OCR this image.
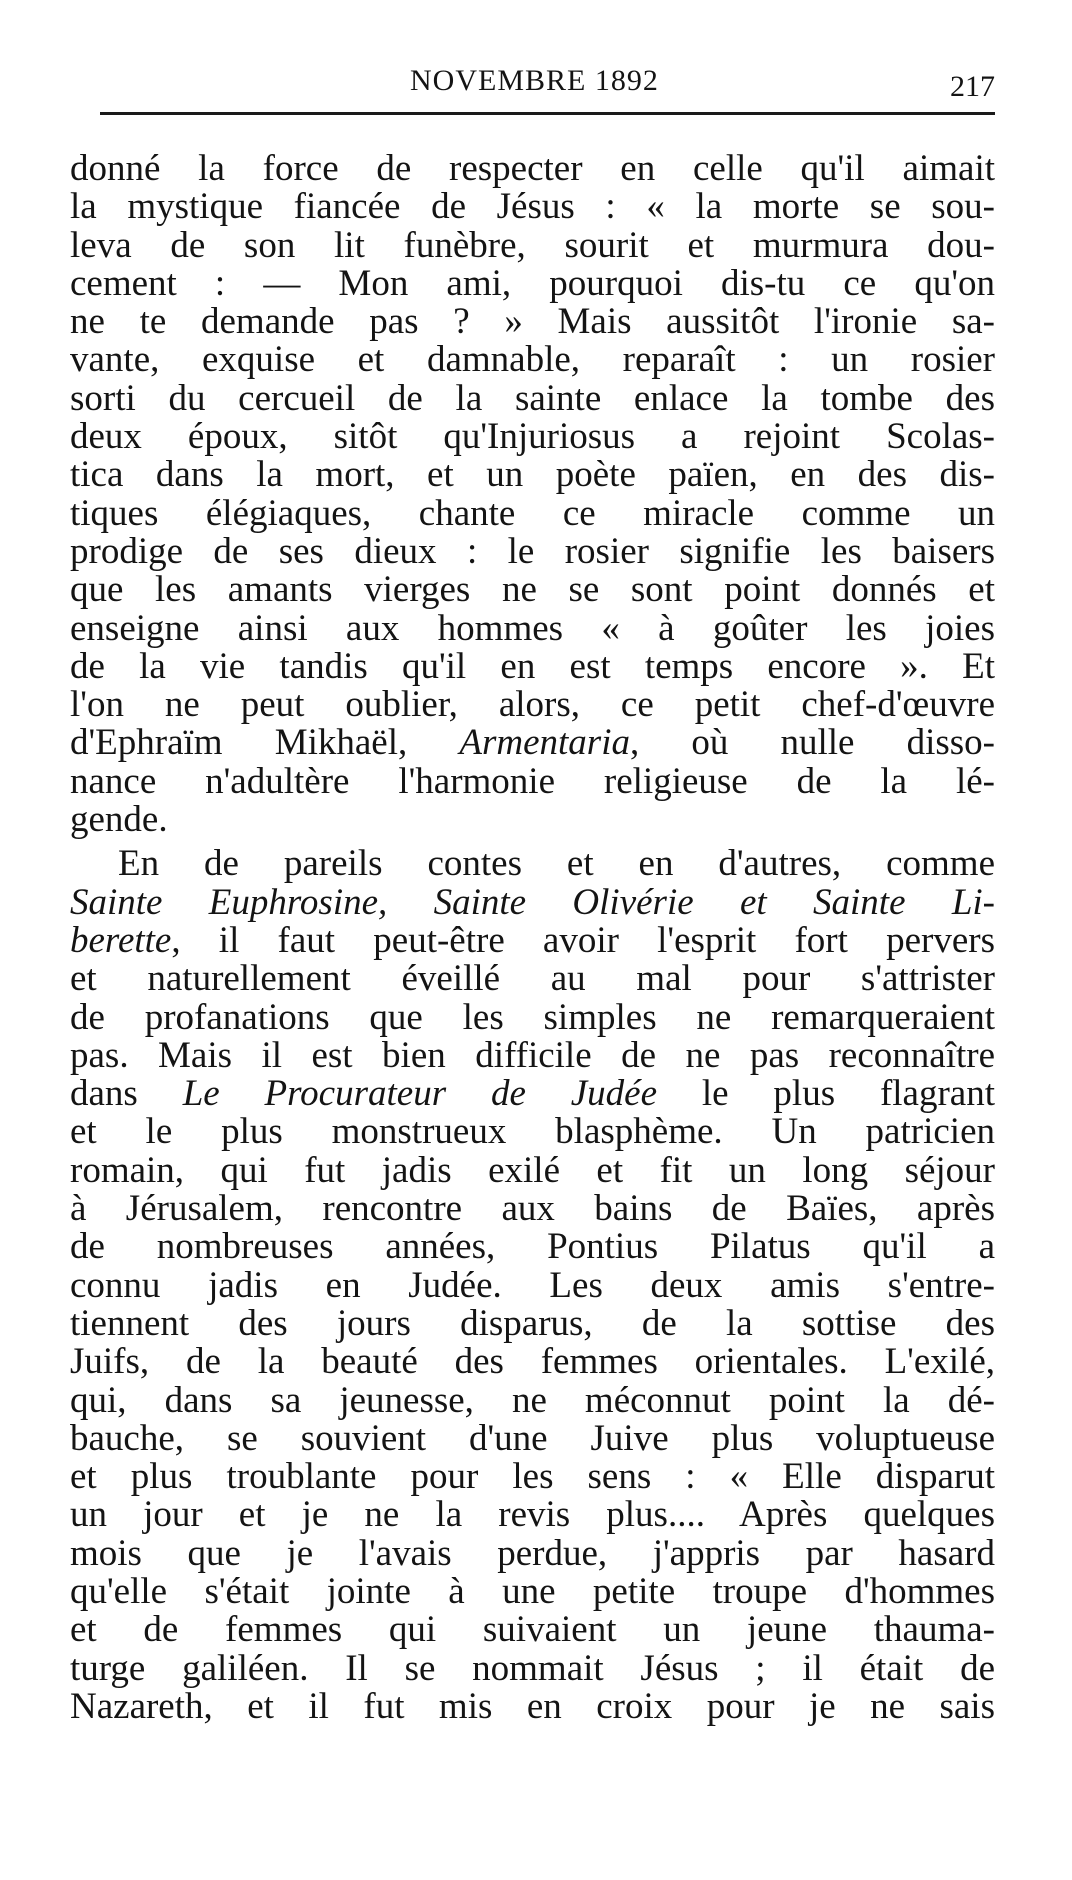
NOVEMBRE 1892	217
donné la force de respecter en celle qu'il aimait
la mystique fiancée de Jésus : « la morte se sou-
leva de son lit funèbre, sourit et murmura dou-
cement : — Mon ami, pourquoi dis-tu ce qu'on
ne te demande pas ? » Mais aussitôt l'ironie sa-
vante, exquise et damnable, reparaît : un rosier
sorti du cercueil de la sainte enlace la tombe des
deux époux, sitôt qu'Injuriosus a rejoint Scolas-
tica dans la mort, et un poète païen, en des dis-
tiques élégiaques, chante ce miracle comme un
prodige de ses dieux : le rosier signifie les baisers
que les amants vierges ne se sont point donnés et
enseigne ainsi aux hommes « à goûter les joies
de la vie tandis qu'il en est temps encore ». Et
l'on ne peut oublier, alors, ce petit chef-d'œuvre
d'Ephraïm Mikhaël, Armentaria, où nulle disso-
nance n'adultère l'harmonie religieuse de la lé-
gende.
En de pareils contes et en d'autres, comme
Sainte Euphrosine, Sainte Olivérie et Sainte Li-
berette, il faut peut-être avoir l'esprit fort pervers
et naturellement éveillé au mal pour s'attrister
de profanations que les simples ne remarqueraient
pas. Mais il est bien difficile de ne pas reconnaître
dans Le Procurateur de Judée le plus flagrant
et le plus monstrueux blasphème. Un patricien
romain, qui fut jadis exilé et fit un long séjour
à Jérusalem, rencontre aux bains de Baïes, après
de nombreuses années, Pontius Pilatus qu'il a
connu jadis en Judée. Les deux amis s'entre-
tiennent des jours disparus, de la sottise des
Juifs, de la beauté des femmes orientales. L'exilé,
qui, dans sa jeunesse, ne méconnut point la dé-
bauche, se souvient d'une Juive plus voluptueuse
et plus troublante pour les sens : « Elle disparut
un jour et je ne la revis plus.... Après quelques
mois que je l'avais perdue, j'appris par hasard
qu'elle s'était jointe à une petite troupe d'hommes
et de femmes qui suivaient un jeune thauma-
turge galiléen. Il se nommait Jésus ; il était de
Nazareth, et il fut mis en croix pour je ne sais
